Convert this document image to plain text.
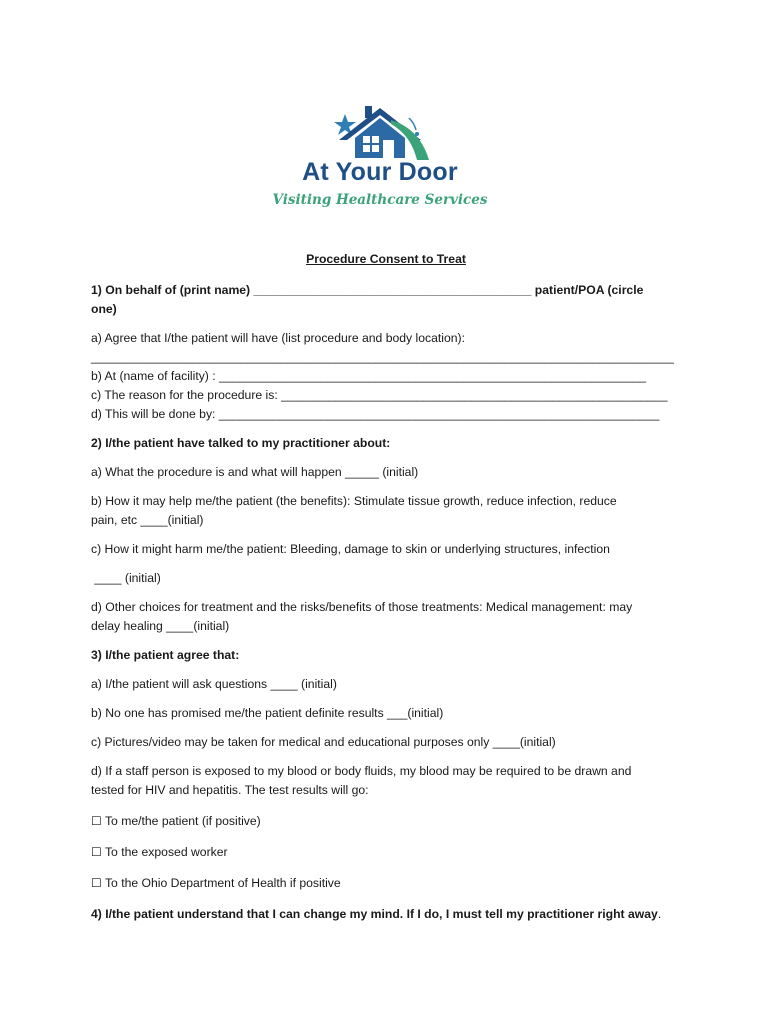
At Your Door
Visiting Healthcare Services

Procedure Consent to Treat

1) On behalf of (print name) _________________________________________ patient/POA (circle

one)

a) Agree that I/the patient will have (list procedure and body location):

______________________________________________________________________________________

b) At (name of facility) : _______________________________________________________________

c) The reason for the procedure is: _________________________________________________________

d) This will be done by: _________________________________________________________________

2) I/the patient have talked to my practitioner about:

a) What the procedure is and what will happen _____ (initial)

b) How it may help me/the patient (the benefits): Stimulate tissue growth, reduce infection, reduce

pain, etc ____(initial)

c) How it might harm me/the patient: Bleeding, damage to skin or underlying structures, infection

____ (initial)

d) Other choices for treatment and the risks/benefits of those treatments: Medical management: may

delay healing ____(initial)

3) I/the patient agree that:

a) I/the patient will ask questions ____ (initial)

b) No one has promised me/the patient definite results ___(initial)

c) Pictures/video may be taken for medical and educational purposes only ____(initial)

d) If a staff person is exposed to my blood or body fluids, my blood may be required to be drawn and

tested for HIV and hepatitis. The test results will go:

☐ To me/the patient (if positive)

☐ To the exposed worker

☐ To the Ohio Department of Health if positive

4) I/the patient understand that I can change my mind. If I do, I must tell my practitioner right away.
